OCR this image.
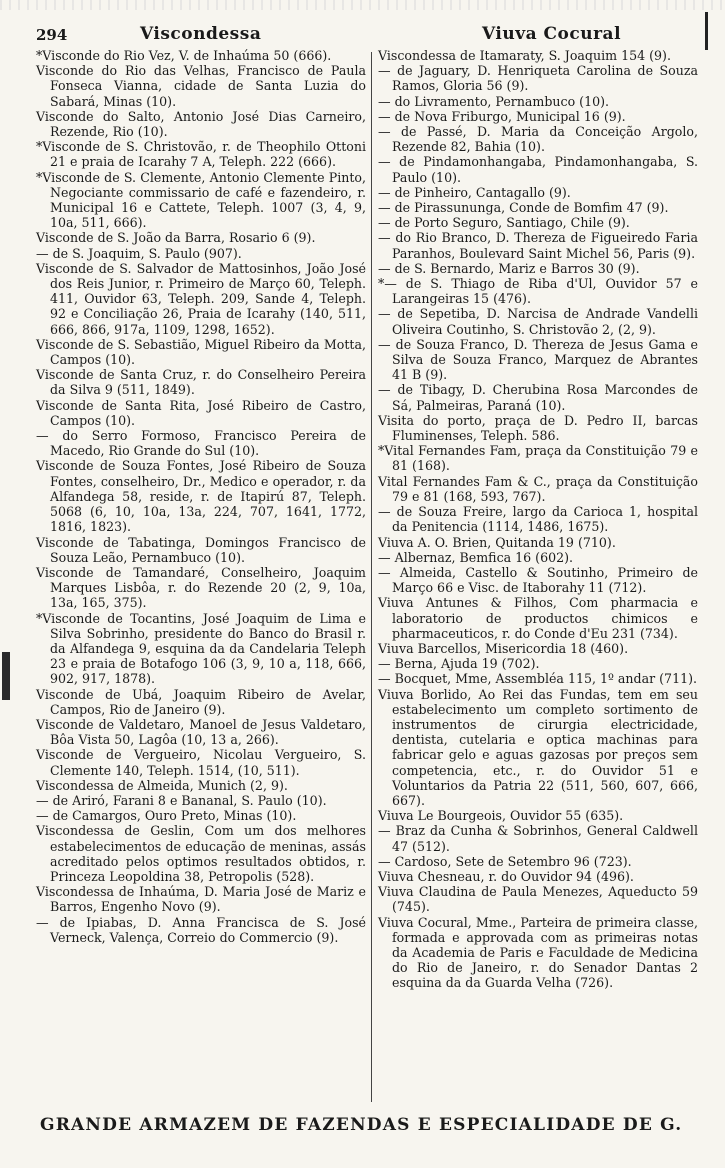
294	Viscondessa	Viuva Cocural

*Visconde do Rio Vez, V. de Inhaúma 50 (666).

Visconde do Rio das Velhas, Francisco de Paula Fonseca Vianna, cidade de Santa Luzia do Sabará, Minas (10).

Visconde do Salto, Antonio José Dias Carneiro, Rezende, Rio (10).

*Visconde de S. Christovão, r. de Theophilo Ottoni 21 e praia de Icarahy 7 A, Teleph. 222 (666).

*Visconde de S. Clemente, Antonio Clemente Pinto, Negociante commissario de café e fazendeiro, r. Municipal 16 e Cattete, Teleph. 1007 (3, 4, 9, 10a, 511, 666).

Visconde de S. João da Barra, Rosario 6 (9).

— de S. Joaquim, S. Paulo (907).

Visconde de S. Salvador de Mattosinhos, João José dos Reis Junior, r. Primeiro de Março 60, Teleph. 411, Ouvidor 63, Teleph. 209, Sande 4, Teleph. 92 e Conciliação 26, Praia de Icarahy (140, 511, 666, 866, 917a, 1109, 1298, 1652).

Visconde de S. Sebastião, Miguel Ribeiro da Motta, Campos (10).

Visconde de Santa Cruz, r. do Conselheiro Pereira da Silva 9 (511, 1849).

Visconde de Santa Rita, José Ribeiro de Castro, Campos (10).

— do Serro Formoso, Francisco Pereira de Macedo, Rio Grande do Sul (10).

Visconde de Souza Fontes, José Ribeiro de Souza Fontes, conselheiro, Dr., Medico e operador, r. da Alfandega 58, reside, r. de Itapirú 87, Teleph. 5068 (6, 10, 10a, 13a, 224, 707, 1641, 1772, 1816, 1823).

Visconde de Tabatinga, Domingos Francisco de Souza Leão, Pernambuco (10).

Visconde de Tamandaré, Conselheiro, Joaquim Marques Lisbôa, r. do Rezende 20 (2, 9, 10a, 13a, 165, 375).

*Visconde de Tocantins, José Joaquim de Lima e Silva Sobrinho, presidente do Banco do Brasil r. da Alfandega 9, esquina da da Candelaria Teleph 23 e praia de Botafogo 106 (3, 9, 10 a, 118, 666, 902, 917, 1878).

Visconde de Ubá, Joaquim Ribeiro de Avelar, Campos, Rio de Janeiro (9).

Visconde de Valdetaro, Manoel de Jesus Valdetaro, Bôa Vista 50, Lagôa (10, 13 a, 266).

Visconde de Vergueiro, Nicolau Vergueiro, S. Clemente 140, Teleph. 1514, (10, 511).

Viscondessa de Almeida, Munich (2, 9).

— de Ariró, Farani 8 e Bananal, S. Paulo (10).

— de Camargos, Ouro Preto, Minas (10).

Viscondessa de Geslin, Com um dos melhores estabelecimentos de educação de meninas, assás acreditado pelos optimos resultados obtidos, r. Princeza Leopoldina 38, Petropolis (528).

Viscondessa de Inhaúma, D. Maria José de Mariz e Barros, Engenho Novo (9).

— de Ipiabas, D. Anna Francisca de S. José Verneck, Valença, Correio do Commercio (9).

Viscondessa de Itamaraty, S. Joaquim 154 (9).

— de Jaguary, D. Henriqueta Carolina de Souza Ramos, Gloria 56 (9).

— do Livramento, Pernambuco (10).

— de Nova Friburgo, Municipal 16 (9).

— de Passé, D. Maria da Conceição Argolo, Rezende 82, Bahia (10).

— de Pindamonhangaba, Pindamonhangaba, S. Paulo (10).

— de Pinheiro, Cantagallo (9).

— de Pirassununga, Conde de Bomfim 47 (9).

— de Porto Seguro, Santiago, Chile (9).

— do Rio Branco, D. Thereza de Figueiredo Faria Paranhos, Boulevard Saint Michel 56, Paris (9).

— de S. Bernardo, Mariz e Barros 30 (9).

*— de S. Thiago de Riba d'Ul, Ouvidor 57 e Larangeiras 15 (476).

— de Sepetiba, D. Narcisa de Andrade Vandelli Oliveira Coutinho, S. Christovão 2, (2, 9).

— de Souza Franco, D. Thereza de Jesus Gama e Silva de Souza Franco, Marquez de Abrantes 41 B (9).

— de Tibagy, D. Cherubina Rosa Marcondes de Sá, Palmeiras, Paraná (10).

Visita do porto, praça de D. Pedro II, barcas Fluminenses, Teleph. 586.

*Vital Fernandes Fam, praça da Constituição 79 e 81 (168).

Vital Fernandes Fam & C., praça da Constituição 79 e 81 (168, 593, 767).

— de Souza Freire, largo da Carioca 1, hospital da Penitencia (1114, 1486, 1675).

Viuva A. O. Brien, Quitanda 19 (710).

— Albernaz, Bemfica 16 (602).

— Almeida, Castello & Soutinho, Primeiro de Março 66 e Visc. de Itaborahy 11 (712).

Viuva Antunes & Filhos, Com pharmacia e laboratorio de productos chimicos e pharmaceuticos, r. do Conde d'Eu 231 (734).

Viuva Barcellos, Misericordia 18 (460).

— Berna, Ajuda 19 (702).

— Bocquet, Mme, Assembléa 115, 1º andar (711).

Viuva Borlido, Ao Rei das Fundas, tem em seu estabelecimento um completo sortimento de instrumentos de cirurgia electricidade, dentista, cutelaria e optica machinas para fabricar gelo e aguas gazosas por preços sem competencia, etc., r. do Ouvidor 51 e Voluntarios da Patria 22 (511, 560, 607, 666, 667).

Viuva Le Bourgeois, Ouvidor 55 (635).

— Braz da Cunha & Sobrinhos, General Caldwell 47 (512).

— Cardoso, Sete de Setembro 96 (723).

Viuva Chesneau, r. do Ouvidor 94 (496).

Viuva Claudina de Paula Menezes, Aqueducto 59 (745).

Viuva Cocural, Mme., Parteira de primeira classe, formada e approvada com as primeiras notas da Academia de Paris e Faculdade de Medicina do Rio de Janeiro, r. do Senador Dantas 2 esquina da da Guarda Velha (726).

GRANDE ARMAZEM DE FAZENDAS E ESPECIALIDADE DE G.
